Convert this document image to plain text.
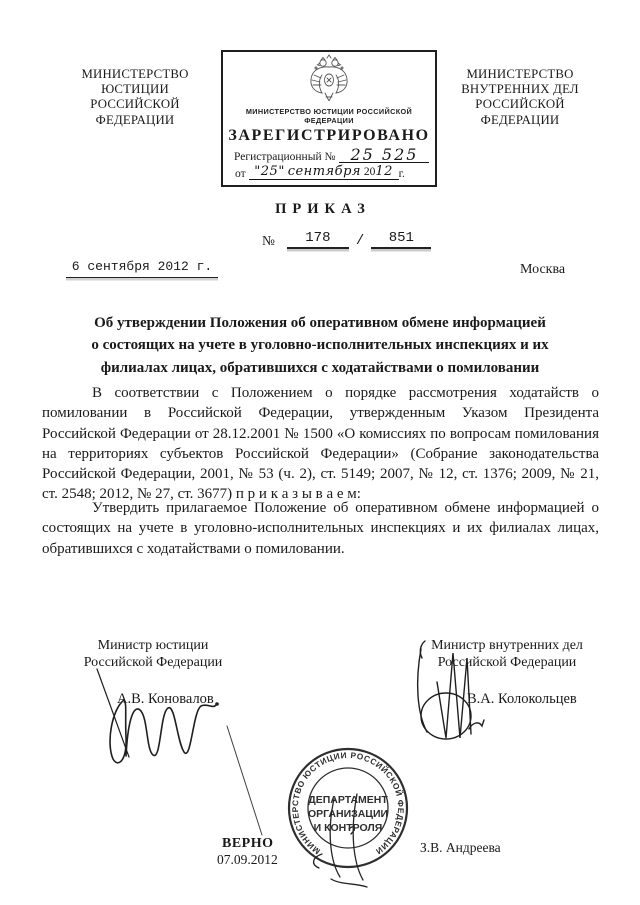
МИНИСТЕРСТВО
ЮСТИЦИИ
РОССИЙСКОЙ
ФЕДЕРАЦИИ
МИНИСТЕРСТВО
ВНУТРЕННИХ ДЕЛ
РОССИЙСКОЙ
ФЕДЕРАЦИИ
МИНИСТЕРСТВО ЮСТИЦИИ РОССИЙСКОЙ ФЕДЕРАЦИИ
ЗАРЕГИСТРИРОВАНО
Регистрационный № 25 525
от "25" сентября 2012 г.
ПРИКАЗ
№	178	/	851
6 сентября 2012 г.	Москва
Об утверждении Положения об оперативном обмене информацией
о состоящих на учете в уголовно-исполнительных инспекциях и их
филиалах лицах, обратившихся с ходатайствами о помиловании
В соответствии с Положением о порядке рассмотрения ходатайств о помиловании в Российской Федерации, утвержденным Указом Президента Российской Федерации от 28.12.2001 № 1500 «О комиссиях по вопросам помилования на территориях субъектов Российской Федерации» (Собрание законодательства Российской Федерации, 2001, № 53 (ч. 2), ст. 5149; 2007, № 12, ст. 1376; 2009, № 21, ст. 2548; 2012, № 27, ст. 3677) п р и к а з ы в а е м:
Утвердить прилагаемое Положение об оперативном обмене информацией о состоящих на учете в уголовно-исполнительных инспекциях и их филиалах лицах, обратившихся с ходатайствами о помиловании.
Министр юстиции
Российской Федерации
А.В. Коновалов
Министр внутренних дел
Российской Федерации
В.А. Колокольцев
МИНИСТЕРСТВО ЮСТИЦИИ РОССИЙСКОЙ ФЕДЕРАЦИИ
ДЕПАРТАМЕНТ
ОРГАНИЗАЦИИ
И КОНТРОЛЯ
ВЕРНО
07.09.2012
З.В. Андреева
